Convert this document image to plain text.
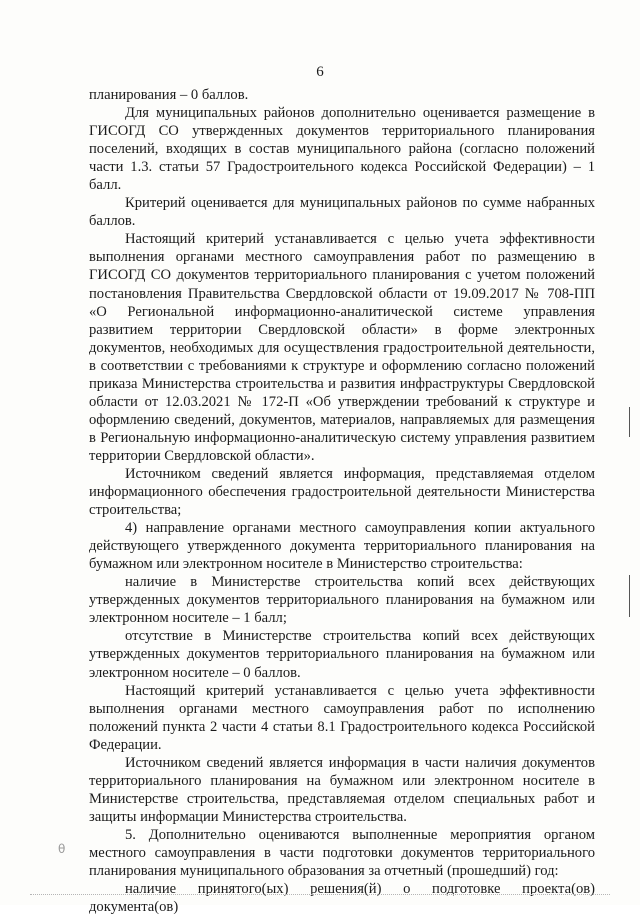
6

планирования – 0 баллов.

Для муниципальных районов дополнительно оценивается размещение в ГИСОГД СО утвержденных документов территориального планирования поселений, входящих в состав муниципального района (согласно положений части 1.3. статьи 57 Градостроительного кодекса Российской Федерации) – 1 балл.

Критерий оценивается для муниципальных районов по сумме набранных баллов.

Настоящий критерий устанавливается с целью учета эффективности выполнения органами местного самоуправления работ по размещению в ГИСОГД СО документов территориального планирования с учетом положений постановления Правительства Свердловской области от 19.09.2017 № 708-ПП «О Региональной информационно-аналитической системе управления развитием территории Свердловской области» в форме электронных документов, необходимых для осуществления градостроительной деятельности, в соответствии с требованиями к структуре и оформлению согласно положений приказа Министерства строительства и развития инфраструктуры Свердловской области от 12.03.2021 № 172-П «Об утверждении требований к структуре и оформлению сведений, документов, материалов, направляемых для размещения в Региональную информационно-аналитическую систему управления развитием территории Свердловской области».

Источником сведений является информация, представляемая отделом информационного обеспечения градостроительной деятельности Министерства строительства;

4) направление органами местного самоуправления копии актуального действующего утвержденного документа территориального планирования на бумажном или электронном носителе в Министерство строительства:

наличие в Министерстве строительства копий всех действующих утвержденных документов территориального планирования на бумажном или электронном носителе – 1 балл;

отсутствие в Министерстве строительства копий всех действующих утвержденных документов территориального планирования на бумажном или электронном носителе – 0 баллов.

Настоящий критерий устанавливается с целью учета эффективности выполнения органами местного самоуправления работ по исполнению положений пункта 2 части 4 статьи 8.1 Градостроительного кодекса Российской Федерации.

Источником сведений является информация в части наличия документов территориального планирования на бумажном или электронном носителе в Министерстве строительства, представляемая отделом специальных работ и защиты информации Министерства строительства.

5. Дополнительно оцениваются выполненные мероприятия органом местного самоуправления в части подготовки документов территориального планирования муниципального образования за отчетный (прошедший) год:

наличие принятого(ых) решения(й) о подготовке проекта(ов) документа(ов)

θ
